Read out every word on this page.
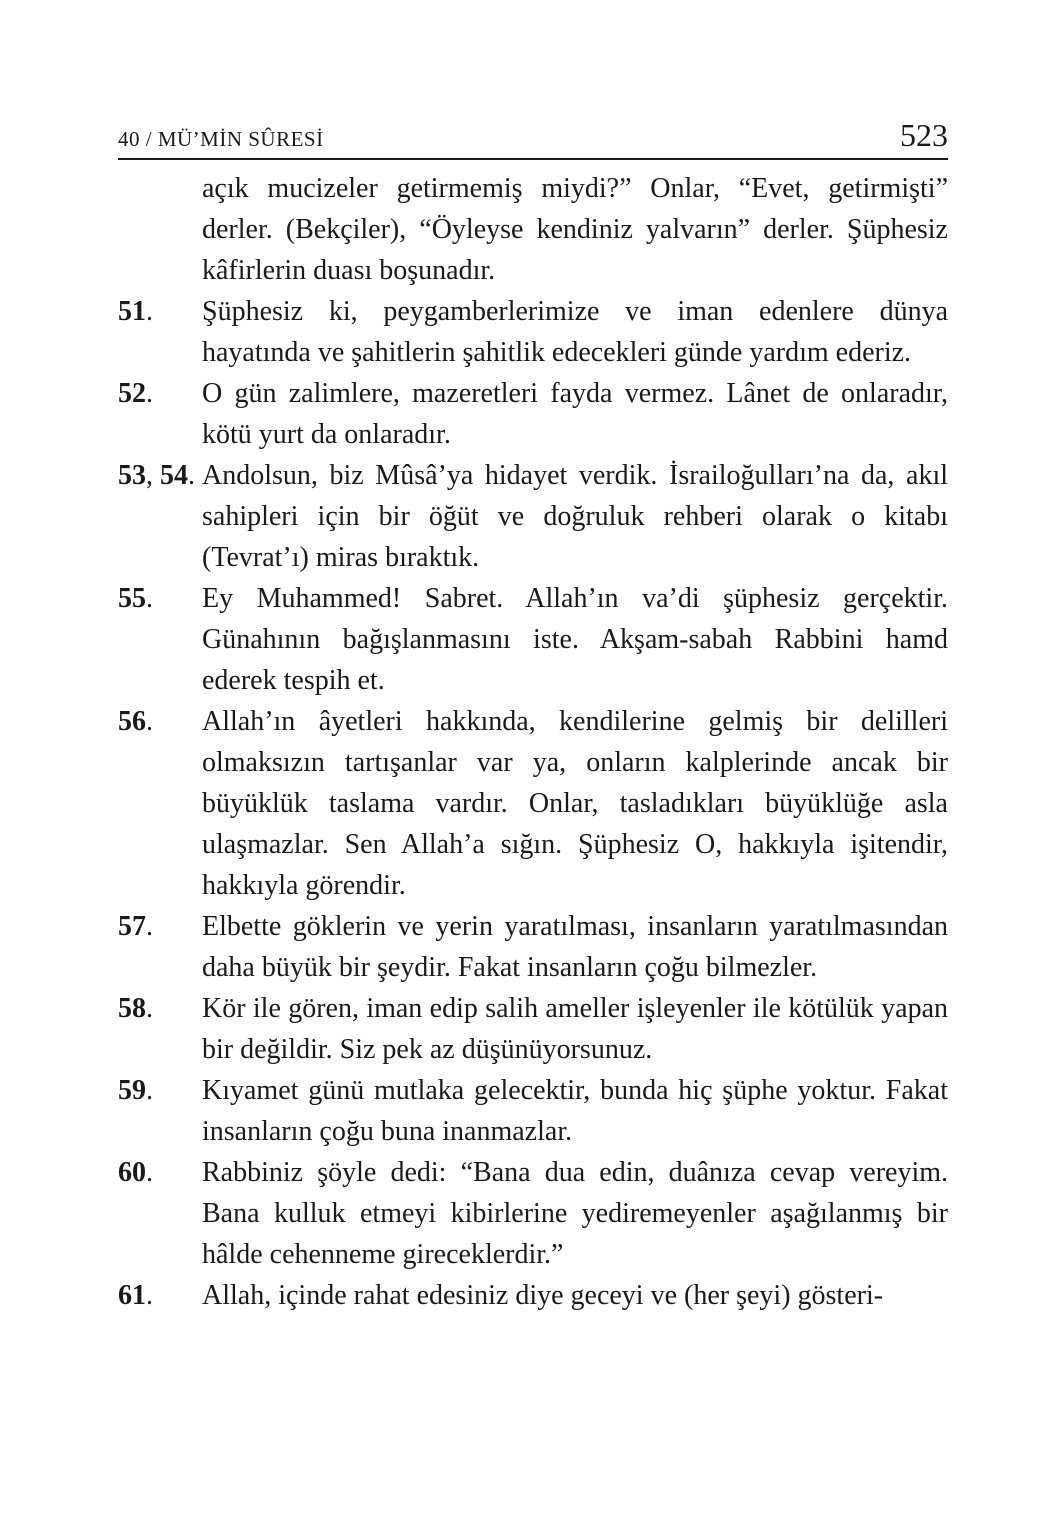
40 / MÜ’MİN SÛRESİ	523
açık mucizeler getirmemiş miydi?” Onlar, “Evet, getirmişti” derler. (Bekçiler), “Öyleyse kendiniz yalvarın” derler. Şüphesiz kâfirlerin duası boşunadır.
51. Şüphesiz ki, peygamberlerimize ve iman edenlere dünya hayatında ve şahitlerin şahitlik edecekleri günde yardım ederiz.
52. O gün zalimlere, mazeretleri fayda vermez. Lânet de onlaradır, kötü yurt da onlaradır.
53, 54. Andolsun, biz Mûsâ’ya hidayet verdik. İsrailoğulları’na da, akıl sahipleri için bir öğüt ve doğruluk rehberi olarak o kitabı (Tevrat’ı) miras bıraktık.
55. Ey Muhammed! Sabret. Allah’ın va’di şüphesiz gerçektir. Günahının bağışlanmasını iste. Akşam-sabah Rabbini hamd ederek tespih et.
56. Allah’ın âyetleri hakkında, kendilerine gelmiş bir delilleri olmaksızın tartışanlar var ya, onların kalplerinde ancak bir büyüklük taslama vardır. Onlar, tasladıkları büyüklüğe asla ulaşmazlar. Sen Allah’a sığın. Şüphesiz O, hakkıyla işitendir, hakkıyla görendir.
57. Elbette göklerin ve yerin yaratılması, insanların yaratılmasından daha büyük bir şeydir. Fakat insanların çoğu bilmezler.
58. Kör ile gören, iman edip salih ameller işleyenler ile kötülük yapan bir değildir. Siz pek az düşünüyorsunuz.
59. Kıyamet günü mutlaka gelecektir, bunda hiç şüphe yoktur. Fakat insanların çoğu buna inanmazlar.
60. Rabbiniz şöyle dedi: “Bana dua edin, duânıza cevap vereyim. Bana kulluk etmeyi kibirlerine yediremeyenler aşağılanmış bir hâlde cehenneme gireceklerdir.”
61. Allah, içinde rahat edesiniz diye geceyi ve (her şeyi) gösteri-
